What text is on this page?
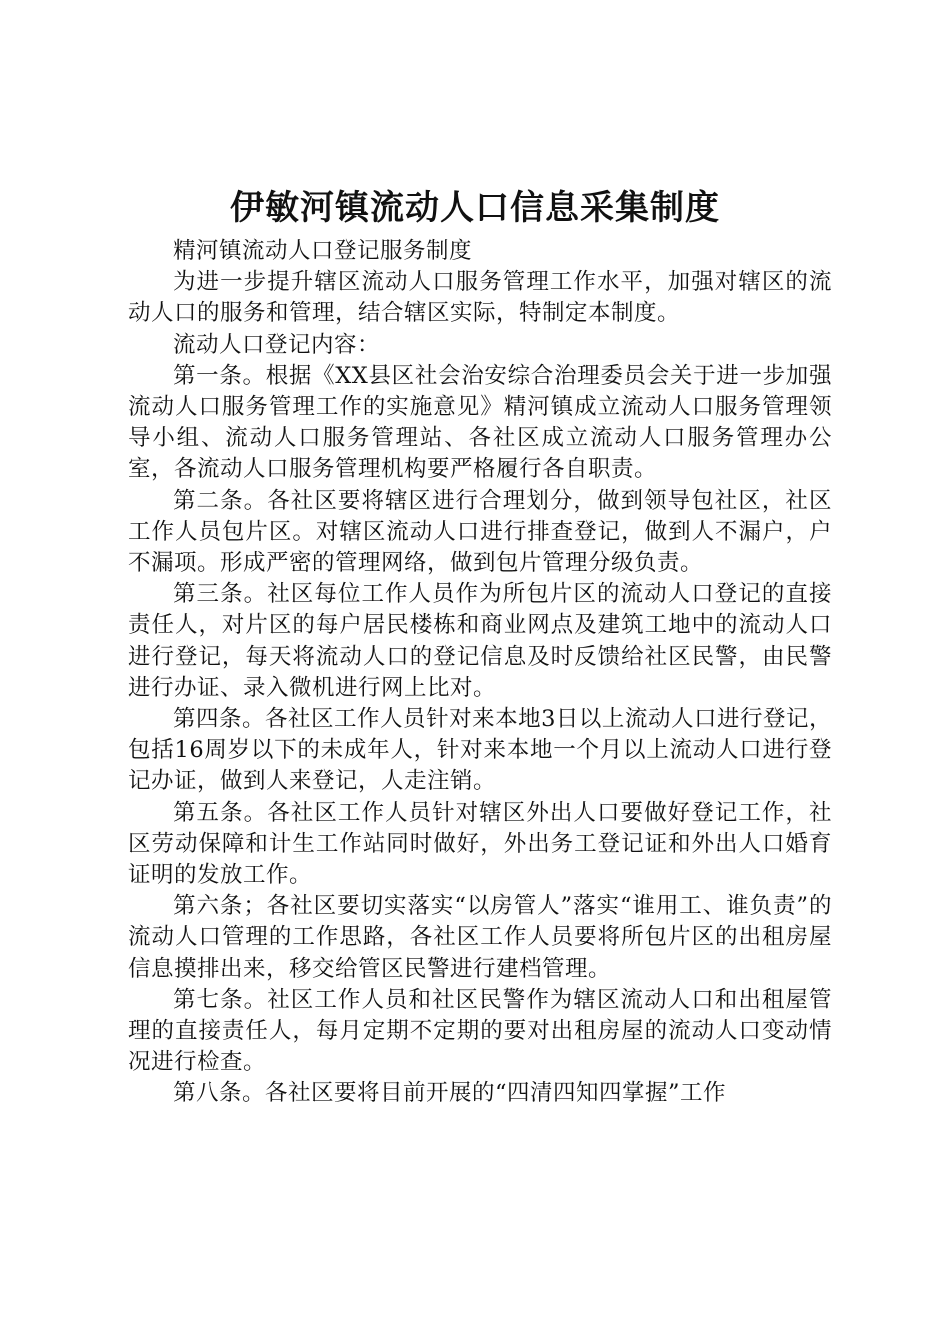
伊敏河镇流动人口信息采集制度

精河镇流动人口登记服务制度

为进一步提升辖区流动人口服务管理工作水平，加强对辖区的流动人口的服务和管理，结合辖区实际，特制定本制度。

流动人口登记内容：

第一条。根据《XX县区社会治安综合治理委员会关于进一步加强流动人口服务管理工作的实施意见》精河镇成立流动人口服务管理领导小组、流动人口服务管理站、各社区成立流动人口服务管理办公室，各流动人口服务管理机构要严格履行各自职责。

第二条。各社区要将辖区进行合理划分，做到领导包社区，社区工作人员包片区。对辖区流动人口进行排查登记，做到人不漏户，户不漏项。形成严密的管理网络，做到包片管理分级负责。

第三条。社区每位工作人员作为所包片区的流动人口登记的直接责任人，对片区的每户居民楼栋和商业网点及建筑工地中的流动人口进行登记，每天将流动人口的登记信息及时反馈给社区民警，由民警进行办证、录入微机进行网上比对。

第四条。各社区工作人员针对来本地3日以上流动人口进行登记，包括16周岁以下的未成年人，针对来本地一个月以上流动人口进行登记办证，做到人来登记，人走注销。

第五条。各社区工作人员针对辖区外出人口要做好登记工作，社区劳动保障和计生工作站同时做好，外出务工登记证和外出人口婚育证明的发放工作。

第六条；各社区要切实落实“以房管人”落实“谁用工、谁负责”的流动人口管理的工作思路，各社区工作人员要将所包片区的出租房屋信息摸排出来，移交给管区民警进行建档管理。

第七条。社区工作人员和社区民警作为辖区流动人口和出租屋管理的直接责任人，每月定期不定期的要对出租房屋的流动人口变动情况进行检查。

第八条。各社区要将目前开展的“四清四知四掌握”工作
